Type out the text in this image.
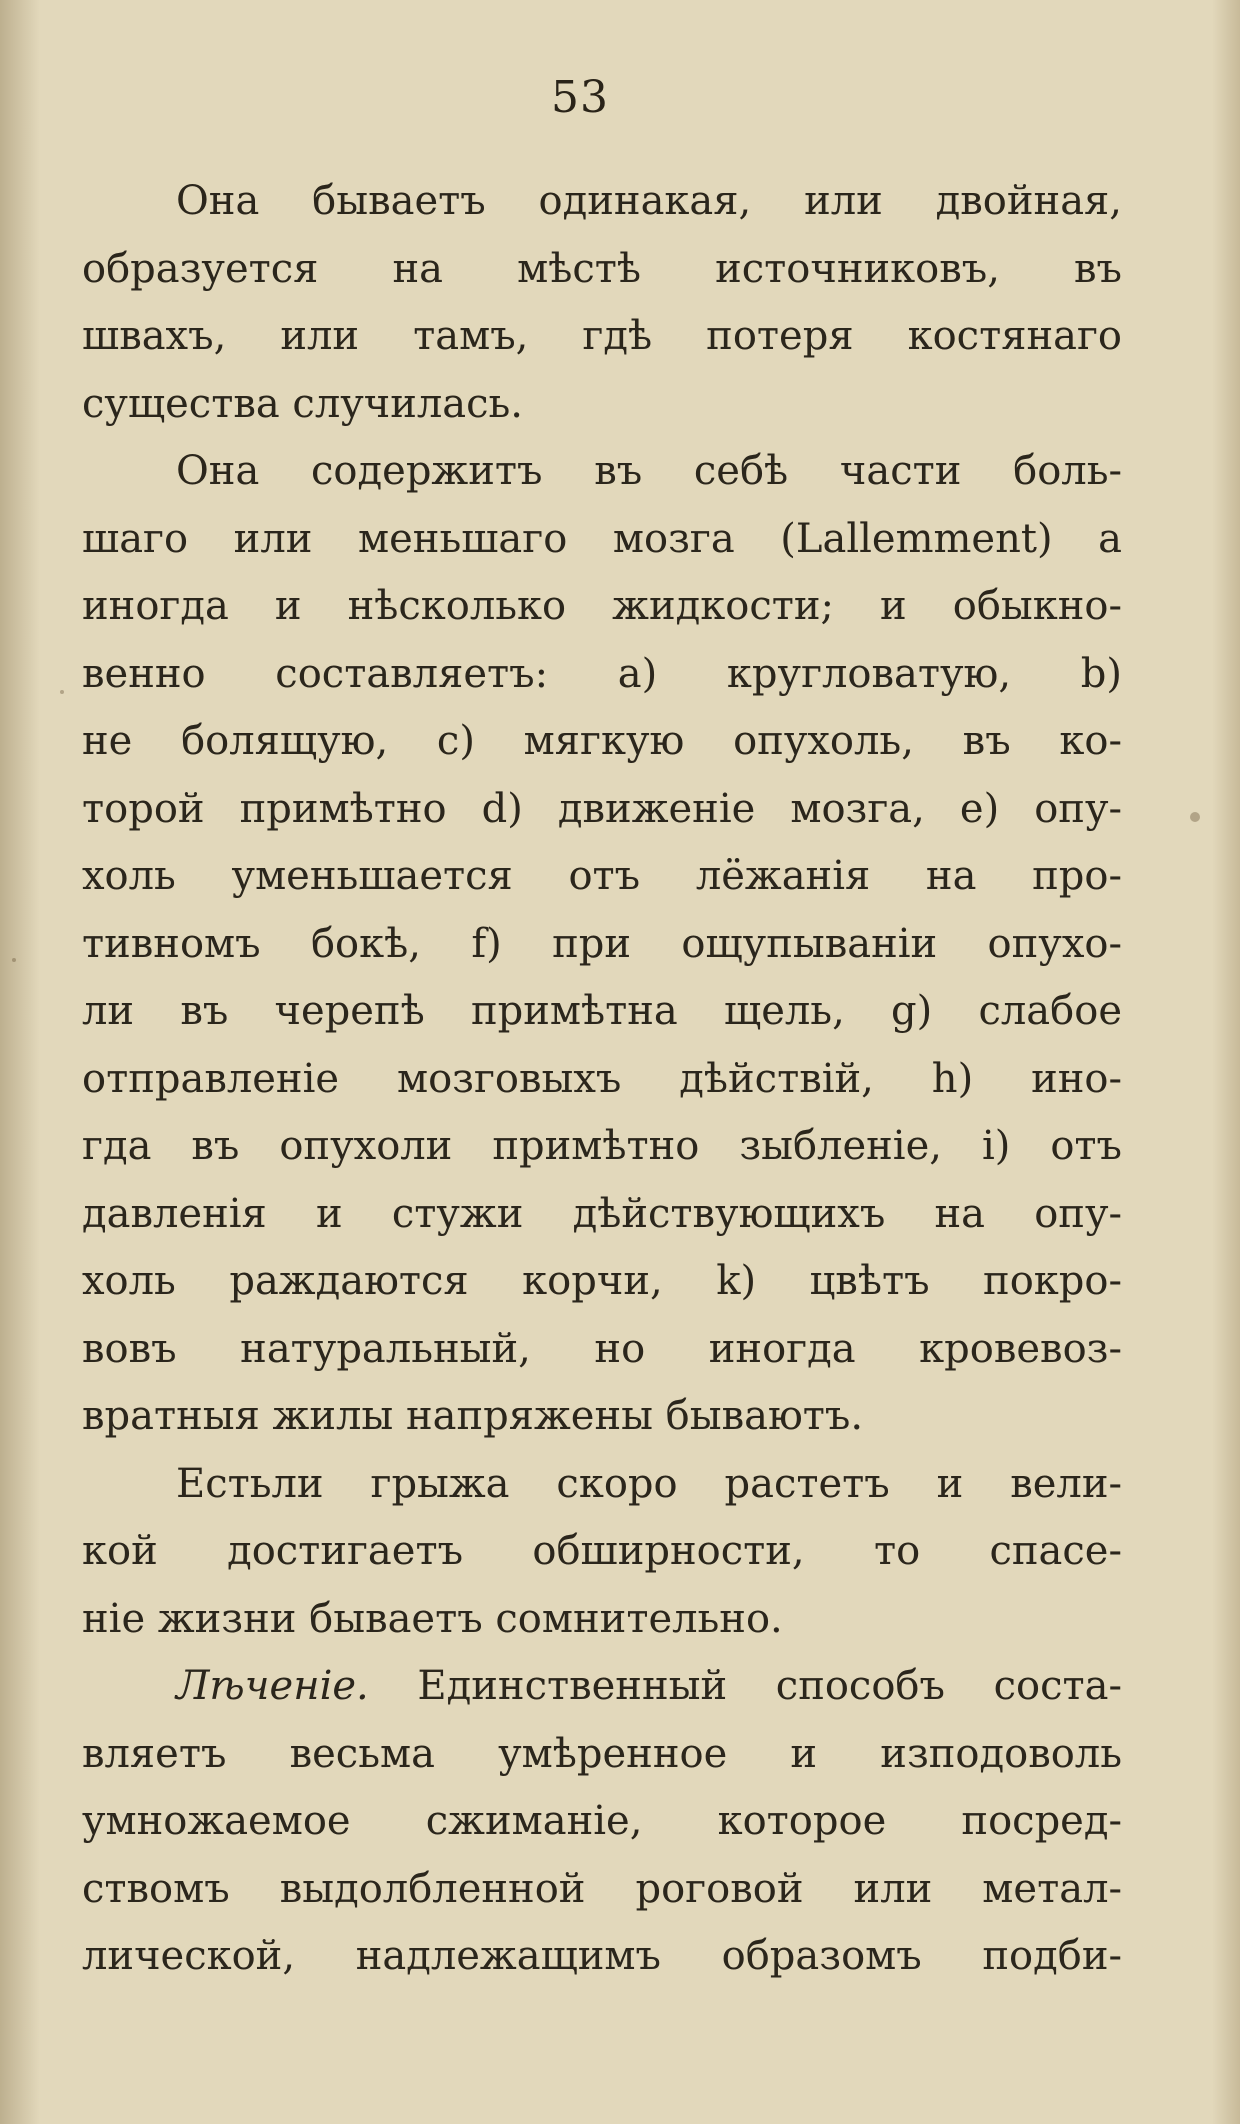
53
Она бываетъ одинакая, или двойная,
образуется на мѣстѣ источниковъ, въ
швахъ, или тамъ, гдѣ потеря костянаго
существа случилась.
Она содержитъ въ себѣ части боль-
шаго или меньшаго мозга (Lallemment) а
иногда и нѣсколько жидкости; и обыкно-
венно составляетъ: а) кругловатую, b)
не болящую, c) мягкую опухоль, въ ко-
торой примѣтно d) движенiе мозга, e) опу-
холь уменьшается отъ лёжанiя на про-
тивномъ бокѣ, f) при ощупыванiи опухо-
ли въ черепѣ примѣтна щель, g) слабое
отправленiе мозговыхъ дѣйствiй, h) ино-
гда въ опухоли примѣтно зыбленiе, i) отъ
давленiя и стужи дѣйствующихъ на опу-
холь раждаются корчи, k) цвѣтъ покро-
вовъ натуральный, но иногда кровевоз-
вратныя жилы напряжены бываютъ.
Естьли грыжа скоро растетъ и вели-
кой достигаетъ обширности, то спасе-
нiе жизни бываетъ сомнительно.
Лѣченiе. Единственный способъ соста-
вляетъ весьма умѣренное и изподоволь
умножаемое сжиманiе, которое посред-
ствомъ выдолбленной роговой или метал-
лической, надлежащимъ образомъ подби-
